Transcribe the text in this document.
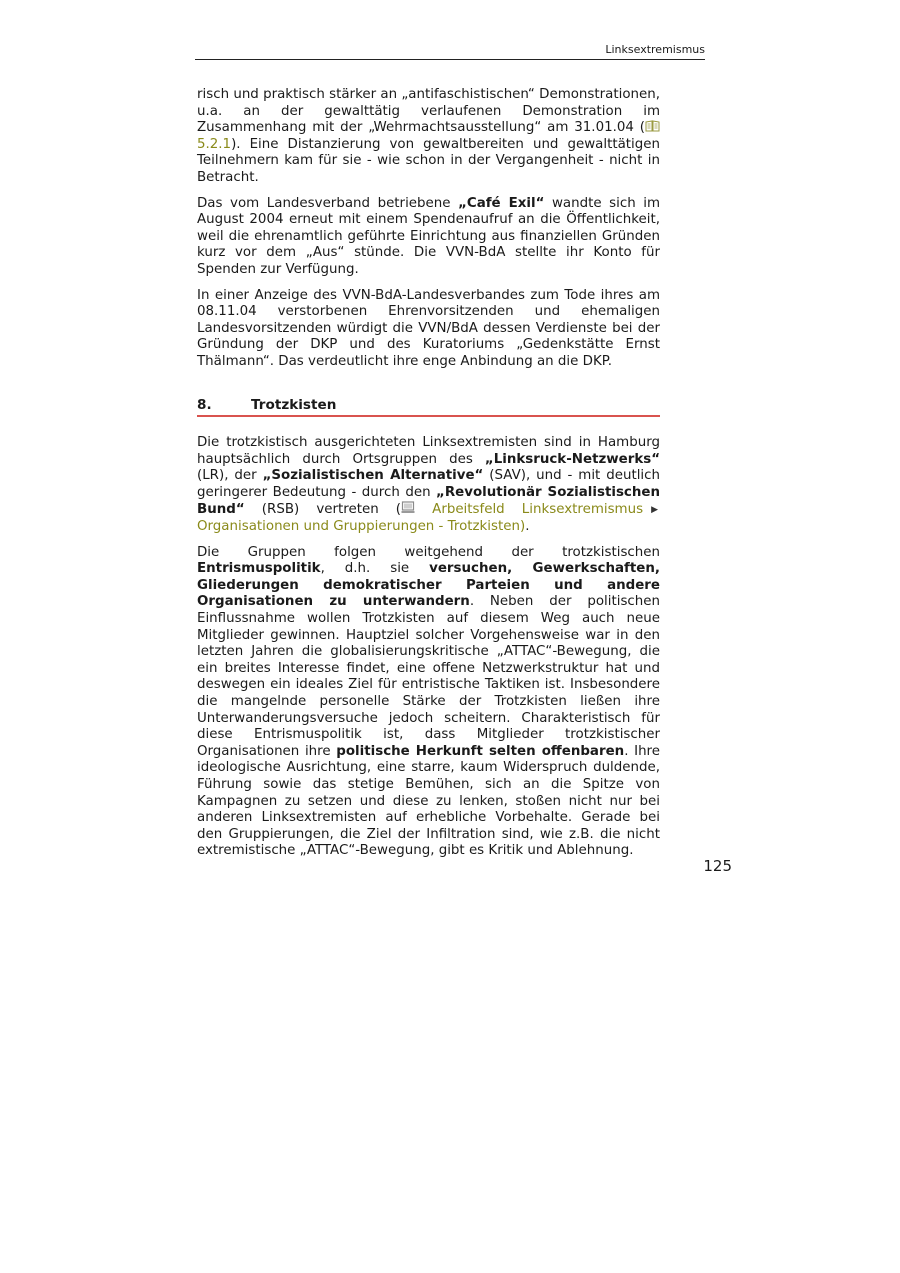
Linksextremismus

risch und praktisch stärker an „antifaschistischen“ Demonstrationen, u.a. an der gewalttätig verlaufenen Demonstration im Zusammenhang mit der „Wehrmachtsausstellung“ am 31.01.04 ( 5.2.1). Eine Distanzierung von gewaltbereiten und gewalttätigen Teilnehmern kam für sie - wie schon in der Vergangenheit - nicht in Betracht.

Das vom Landesverband betriebene „Café Exil“ wandte sich im August 2004 erneut mit einem Spendenaufruf an die Öffentlichkeit, weil die ehrenamtlich geführte Einrichtung aus finanziellen Gründen kurz vor dem „Aus“ stünde. Die VVN-BdA stellte ihr Konto für Spenden zur Verfügung.

In einer Anzeige des VVN-BdA-Landesverbandes zum Tode ihres am 08.11.04 verstorbenen Ehrenvorsitzenden und ehemaligen Landesvorsitzenden würdigt die VVN/BdA dessen Verdienste bei der Gründung der DKP und des Kuratoriums „Gedenkstätte Ernst Thälmann“. Das verdeutlicht ihre enge Anbindung an die DKP.

8.	Trotzkisten

Die trotzkistisch ausgerichteten Linksextremisten sind in Hamburg hauptsächlich durch Ortsgruppen des „Linksruck-Netzwerks“ (LR), der „Sozialistischen Alternative“ (SAV), und - mit deutlich geringerer Bedeutung - durch den „Revolutionär Sozialistischen Bund“ (RSB) vertreten ( Arbeitsfeld Linksextremismus ▶Organisationen und Gruppierungen - Trotzkisten).

Die Gruppen folgen weitgehend der trotzkistischen Entrismuspolitik, d.h. sie versuchen, Gewerkschaften, Gliederungen demokratischer Parteien und andere Organisationen zu unterwandern. Neben der politischen Einflussnahme wollen Trotzkisten auf diesem Weg auch neue Mitglieder gewinnen. Hauptziel solcher Vorgehensweise war in den letzten Jahren die globalisierungskritische „ATTAC“-Bewegung, die ein breites Interesse findet, eine offene Netzwerkstruktur hat und deswegen ein ideales Ziel für entristische Taktiken ist. Insbesondere die mangelnde personelle Stärke der Trotzkisten ließen ihre Unterwanderungsversuche jedoch scheitern. Charakteristisch für diese Entrismuspolitik ist, dass Mitglieder trotzkistischer Organisationen ihre politische Herkunft selten offenbaren. Ihre ideologische Ausrichtung, eine starre, kaum Widerspruch duldende, Führung sowie das stetige Bemühen, sich an die Spitze von Kampagnen zu setzen und diese zu lenken, stoßen nicht nur bei anderen Linksextremisten auf erhebliche Vorbehalte. Gerade bei den Gruppierungen, die Ziel der Infiltration sind, wie z.B. die nicht extremistische „ATTAC“-Bewegung, gibt es Kritik und Ablehnung.

125
